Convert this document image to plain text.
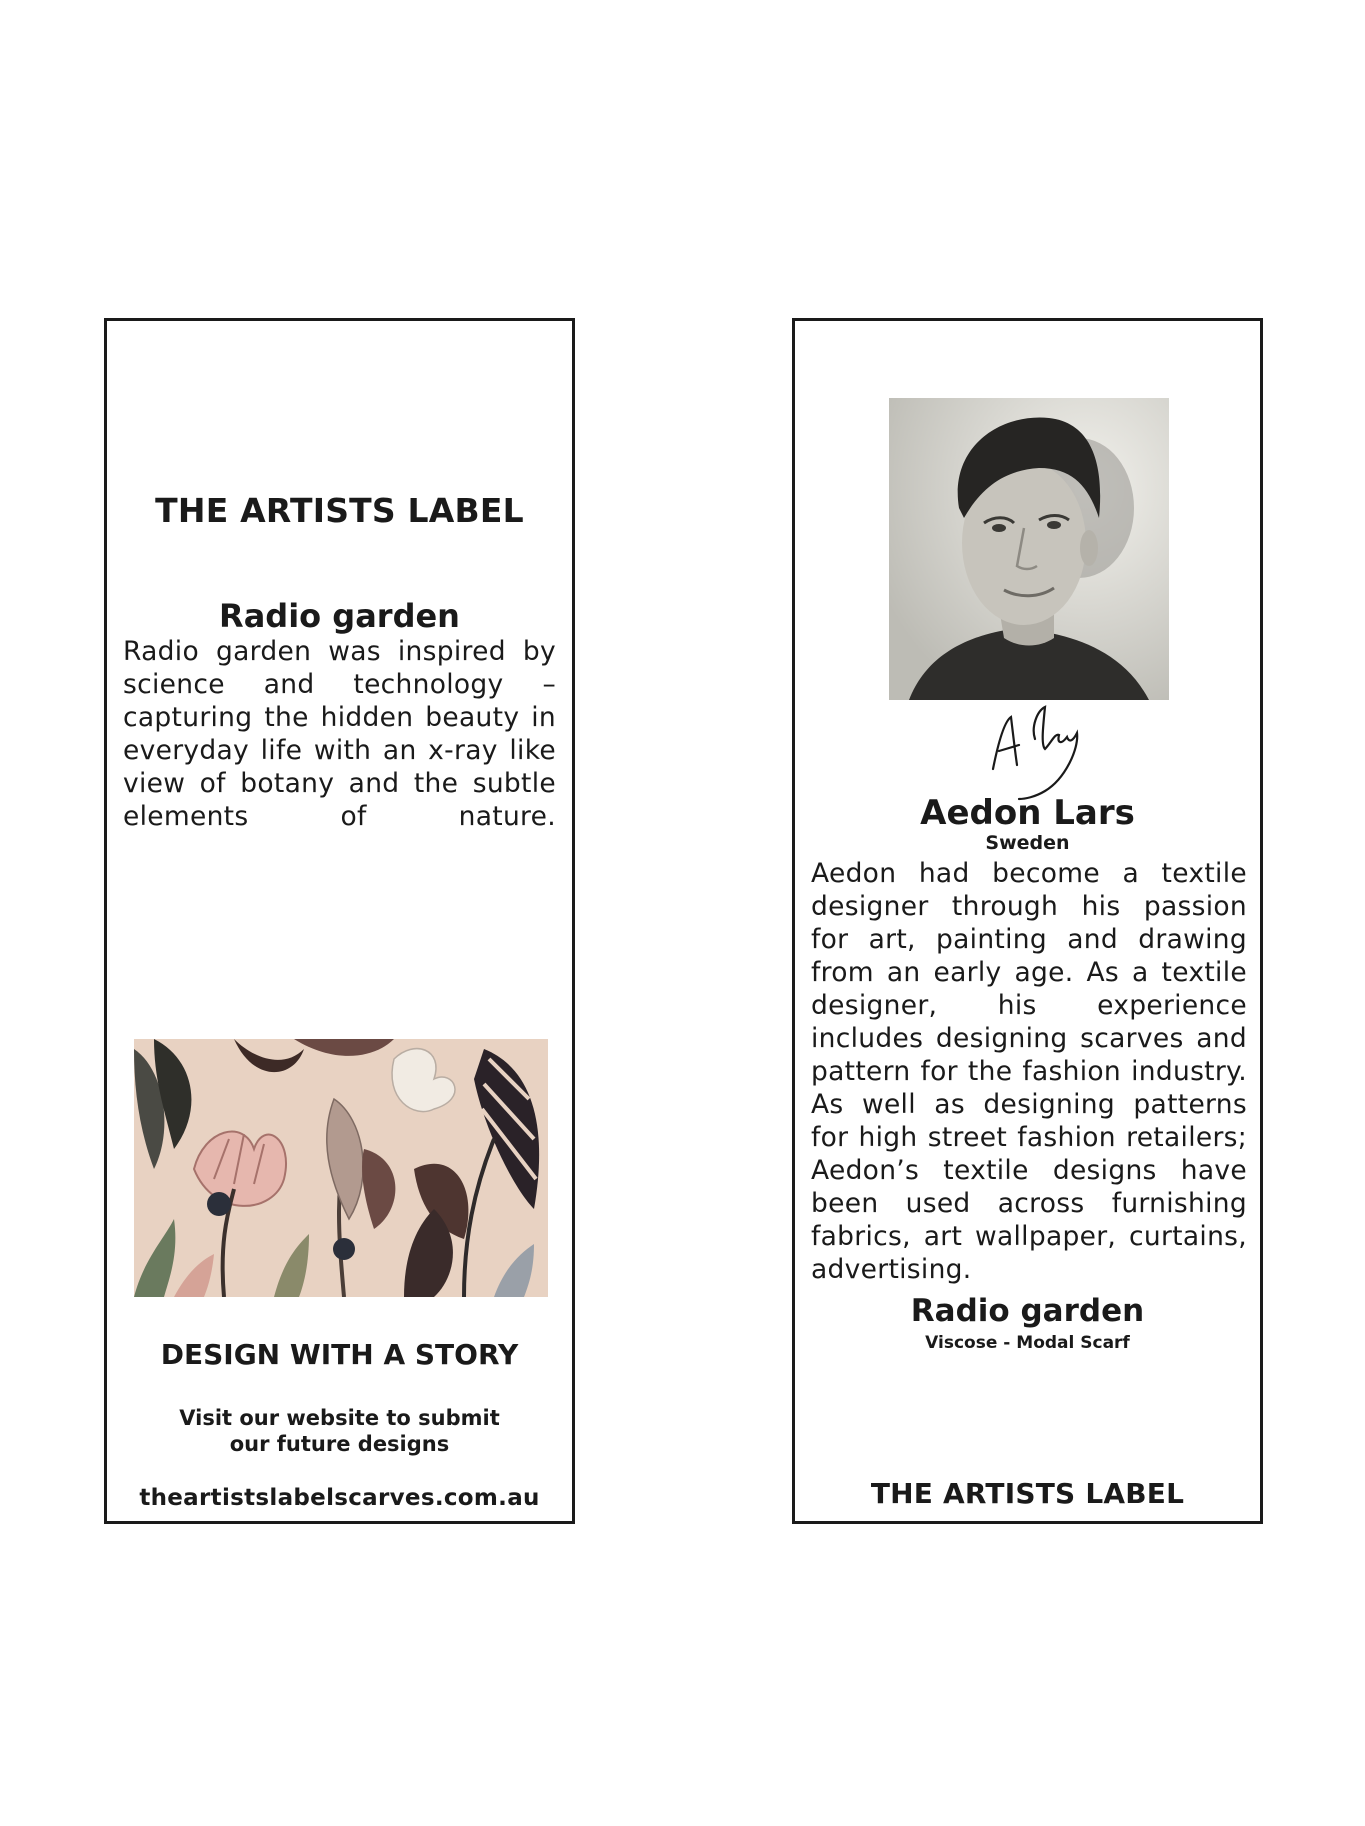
THE ARTISTS LABEL
Radio garden
Radio garden was inspired by science and technology – capturing the hidden beauty in everyday life with an x-ray like view of botany and the subtle elements of nature.
DESIGN WITH A STORY
Visit our website to submit
our future designs
theartistslabelscarves.com.au
Aedon Lars
Sweden
Aedon had become a textile designer through his passion for art, painting and drawing from an early age. As a textile designer, his experience includes designing scarves and pattern for the fashion industry. As well as designing patterns for high street fashion retailers; Aedon’s textile designs have been used across furnishing fabrics, art wallpaper, curtains, advertising.
Radio garden
Viscose - Modal Scarf
THE ARTISTS LABEL
